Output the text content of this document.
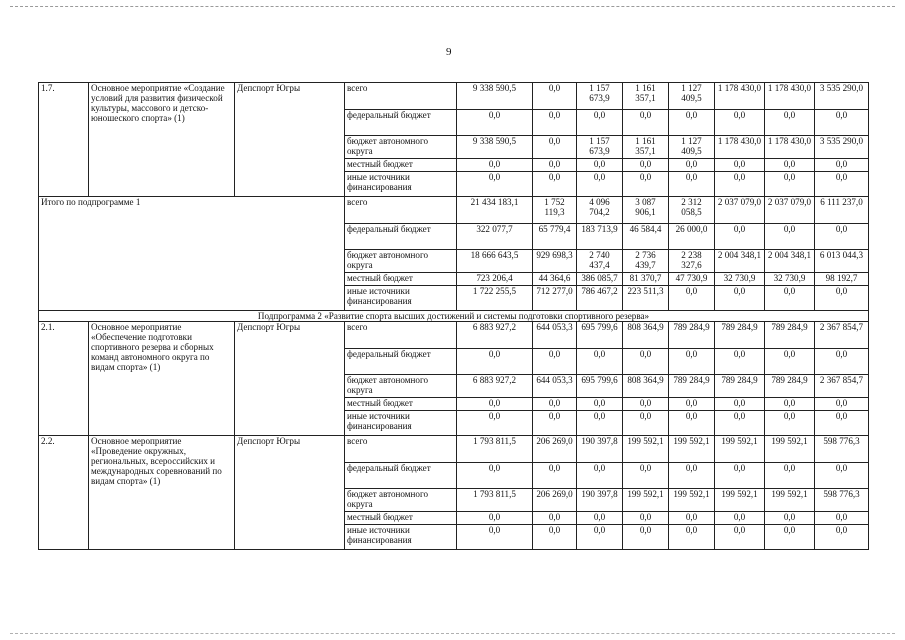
9
1.7.	Основное мероприятие «Создание условий для развития физической культуры, массового и детско-юношеского спорта» (1)	Депспорт Югры	всего	9 338 590,5	0,0	1 157 673,9	1 161 357,1	1 127 409,5	1 178 430,0	1 178 430,0	3 535 290,0
			федеральный бюджет	0,0	0,0	0,0	0,0	0,0	0,0	0,0	0,0
			бюджет автономного округа	9 338 590,5	0,0	1 157 673,9	1 161 357,1	1 127 409,5	1 178 430,0	1 178 430,0	3 535 290,0
			местный бюджет	0,0	0,0	0,0	0,0	0,0	0,0	0,0	0,0
			иные источники финансирования	0,0	0,0	0,0	0,0	0,0	0,0	0,0	0,0
Итого по подпрограмме 1			всего	21 434 183,1	1 752 119,3	4 096 704,2	3 087 906,1	2 312 058,5	2 037 079,0	2 037 079,0	6 111 237,0
			федеральный бюджет	322 077,7	65 779,4	183 713,9	46 584,4	26 000,0	0,0	0,0	0,0
			бюджет автономного округа	18 666 643,5	929 698,3	2 740 437,4	2 736 439,7	2 238 327,6	2 004 348,1	2 004 348,1	6 013 044,3
			местный бюджет	723 206,4	44 364,6	386 085,7	81 370,7	47 730,9	32 730,9	32 730,9	98 192,7
			иные источники финансирования	1 722 255,5	712 277,0	786 467,2	223 511,3	0,0	0,0	0,0	0,0
Подпрограмма 2 «Развитие спорта высших достижений и системы подготовки спортивного резерва»											
2.1.	Основное мероприятие «Обеспечение подготовки спортивного резерва и сборных команд автономного округа по видам спорта» (1)	Депспорт Югры	всего	6 883 927,2	644 053,3	695 799,6	808 364,9	789 284,9	789 284,9	789 284,9	2 367 854,7
			федеральный бюджет	0,0	0,0	0,0	0,0	0,0	0,0	0,0	0,0
			бюджет автономного округа	6 883 927,2	644 053,3	695 799,6	808 364,9	789 284,9	789 284,9	789 284,9	2 367 854,7
			местный бюджет	0,0	0,0	0,0	0,0	0,0	0,0	0,0	0,0
			иные источники финансирования	0,0	0,0	0,0	0,0	0,0	0,0	0,0	0,0
2.2.	Основное мероприятие «Проведение окружных, региональных, всероссийских и международных соревнований по видам спорта» (1)	Депспорт Югры	всего	1 793 811,5	206 269,0	190 397,8	199 592,1	199 592,1	199 592,1	199 592,1	598 776,3
			федеральный бюджет	0,0	0,0	0,0	0,0	0,0	0,0	0,0	0,0
			бюджет автономного округа	1 793 811,5	206 269,0	190 397,8	199 592,1	199 592,1	199 592,1	199 592,1	598 776,3
			местный бюджет	0,0	0,0	0,0	0,0	0,0	0,0	0,0	0,0
			иные источники финансирования	0,0	0,0	0,0	0,0	0,0	0,0	0,0	0,0
